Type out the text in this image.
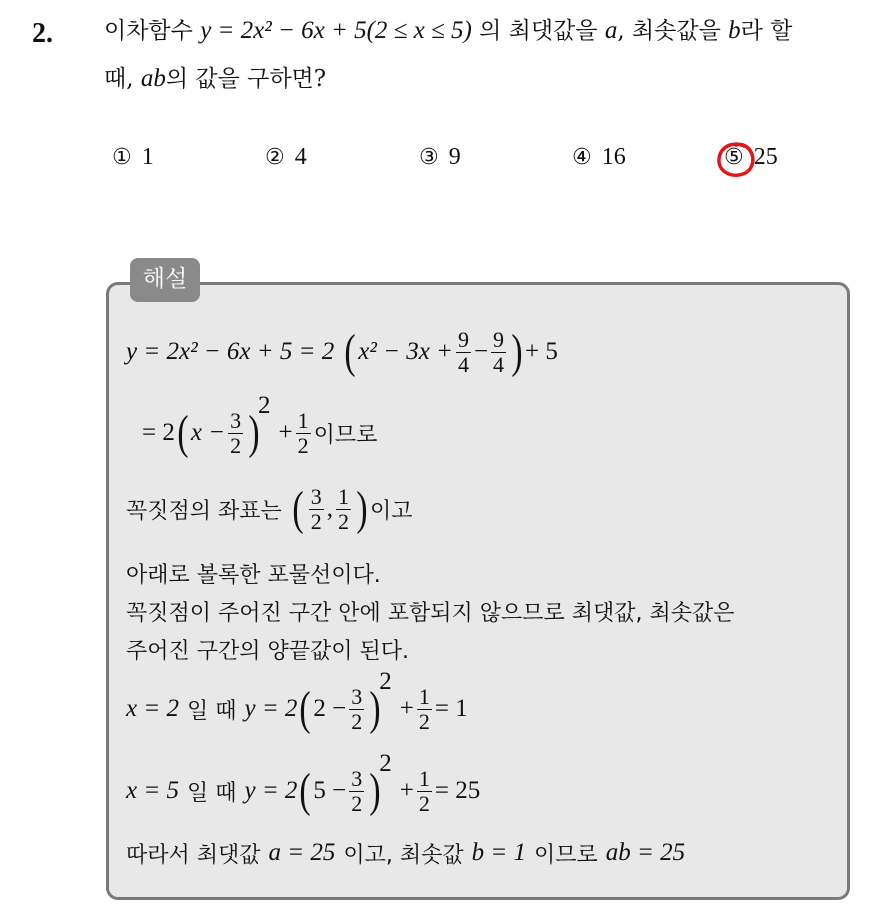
2. 이차함수 y = 2x² − 6x + 5(2 ≤ x ≤ 5) 의 최댓값을 a, 최솟값을 b라 할
때, ab의 값을 구하면?
① 1	② 4	③ 9	④ 16	⑤ 25
해설
y = 2x² − 6x + 5 = 2 ( $x^2 - 3x + \frac{9}{4} - \frac{9}{4}$ ) + 5
= 2 ( $x - \frac{3}{2}$ )
2
+ $\frac{1}{2}$ 이므로
꼭짓점의 좌표는 ( $\frac{3}{2}$ , $\frac{1}{2}$ ) 이고
아래로 볼록한 포물선이다.
꼭짓점이 주어진 구간 안에 포함되지 않으므로 최댓값, 최솟값은
주어진 구간의 양끝값이 된다.
x = 2 일 때 y = 2 ( $2 - \frac{3}{2}$ )
2
+ $\frac{1}{2} = 1$
x = 5 일 때 y = 2 ( $5 - \frac{3}{2}$ )
2
+ $\frac{1}{2} = 25$
따라서 최댓값 a = 25 이고, 최솟값 b = 1 이므로 ab = 25
